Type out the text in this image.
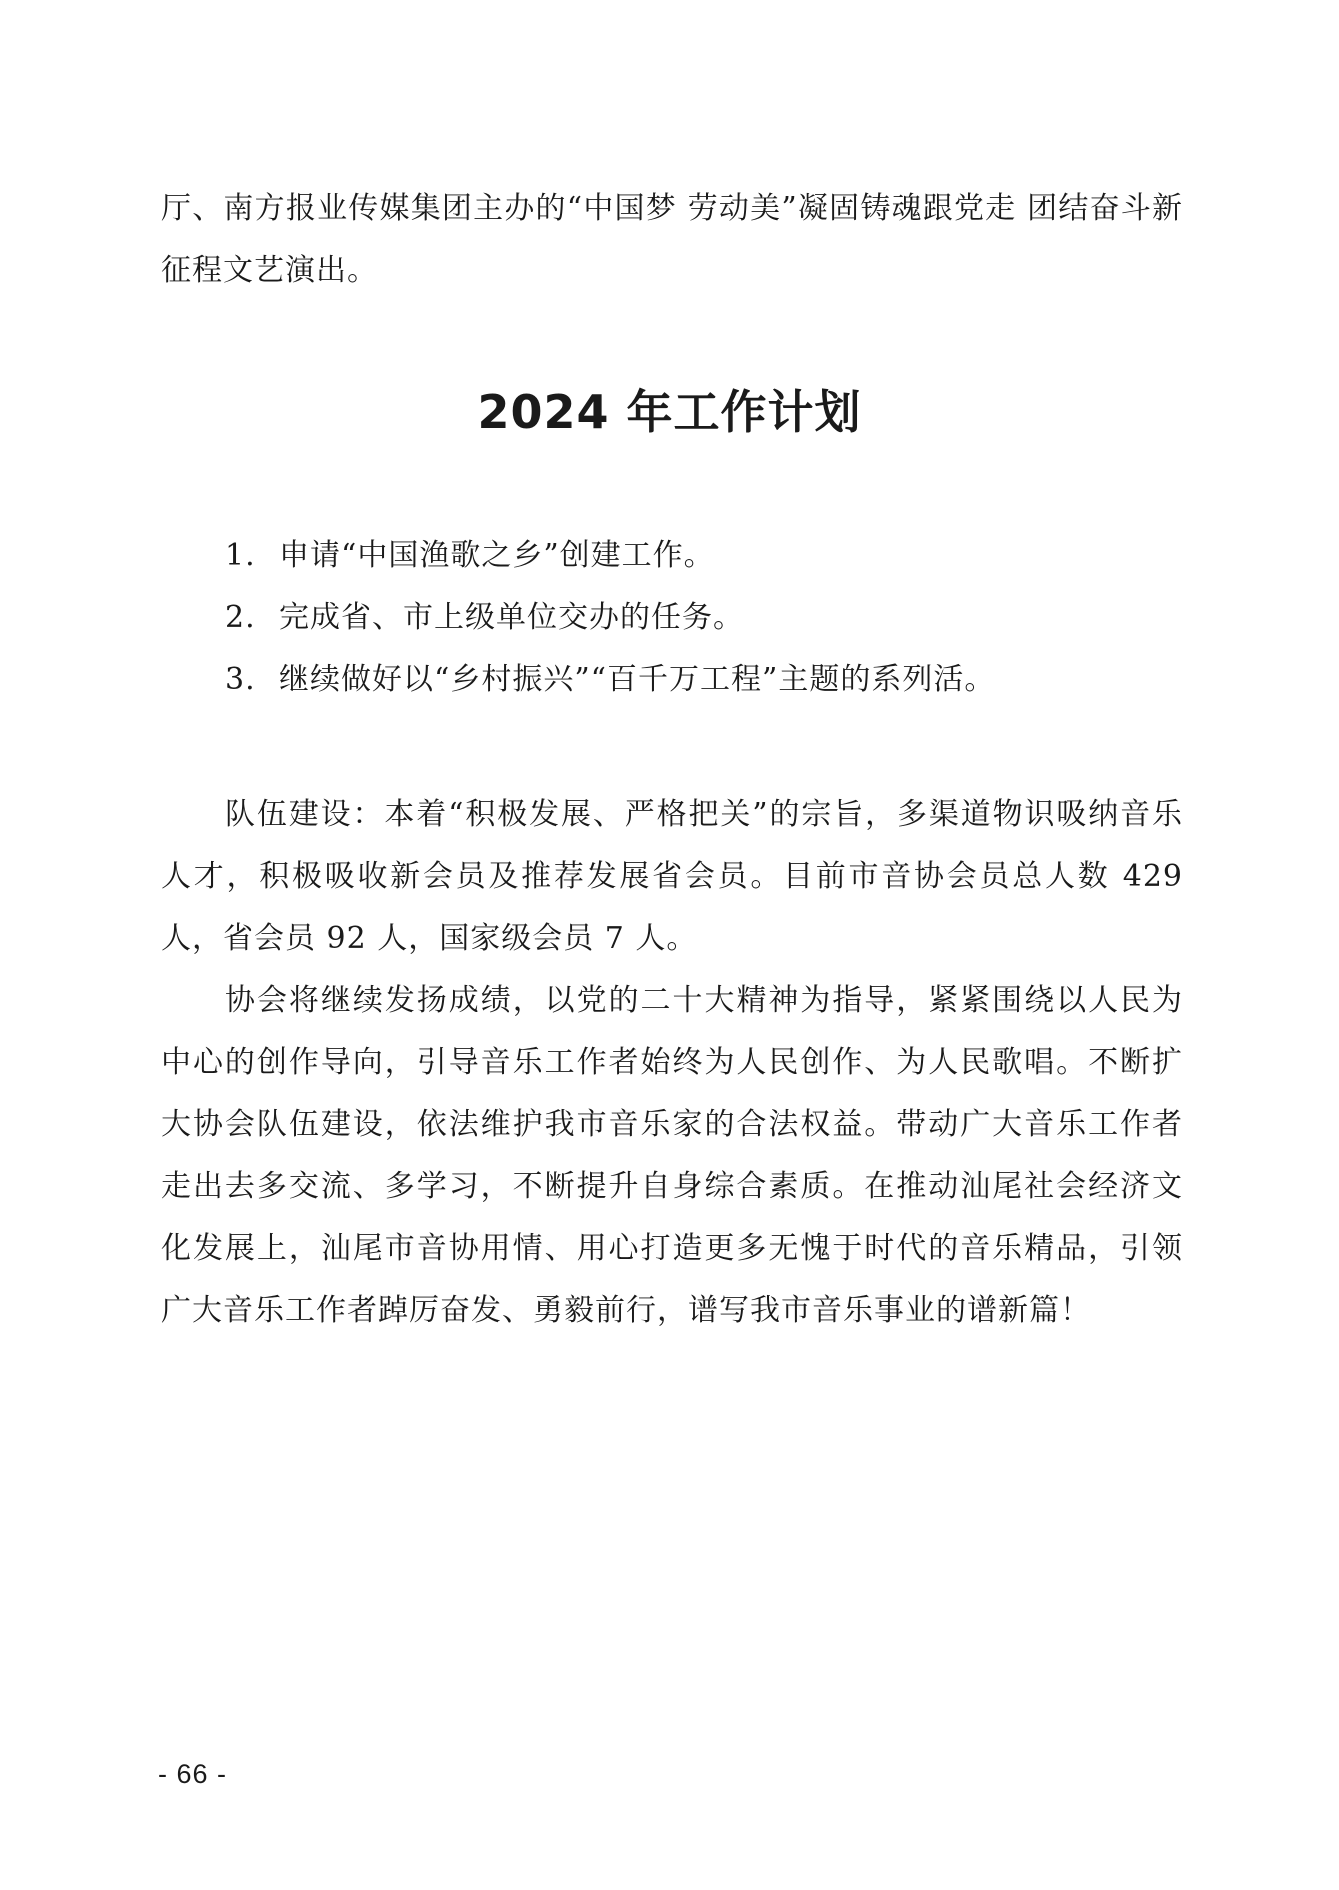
厅、南方报业传媒集团主办的“中国梦 劳动美”凝固铸魂跟党走 团结奋斗新征程文艺演出。

2024 年工作计划
1. 申请“中国渔歌之乡”创建工作。
2. 完成省、市上级单位交办的任务。
3. 继续做好以“乡村振兴”“百千万工程”主题的系列活。

队伍建设：本着“积极发展、严格把关”的宗旨，多渠道物识吸纳音乐人才，积极吸收新会员及推荐发展省会员。目前市音协会员总人数 429 人，省会员 92 人，国家级会员 7 人。

协会将继续发扬成绩，以党的二十大精神为指导，紧紧围绕以人民为中心的创作导向，引导音乐工作者始终为人民创作、为人民歌唱。不断扩大协会队伍建设，依法维护我市音乐家的合法权益。带动广大音乐工作者走出去多交流、多学习，不断提升自身综合素质。在推动汕尾社会经济文化发展上，汕尾市音协用情、用心打造更多无愧于时代的音乐精品，引领广大音乐工作者踔厉奋发、勇毅前行，谱写我市音乐事业的谱新篇！

- 66 -
